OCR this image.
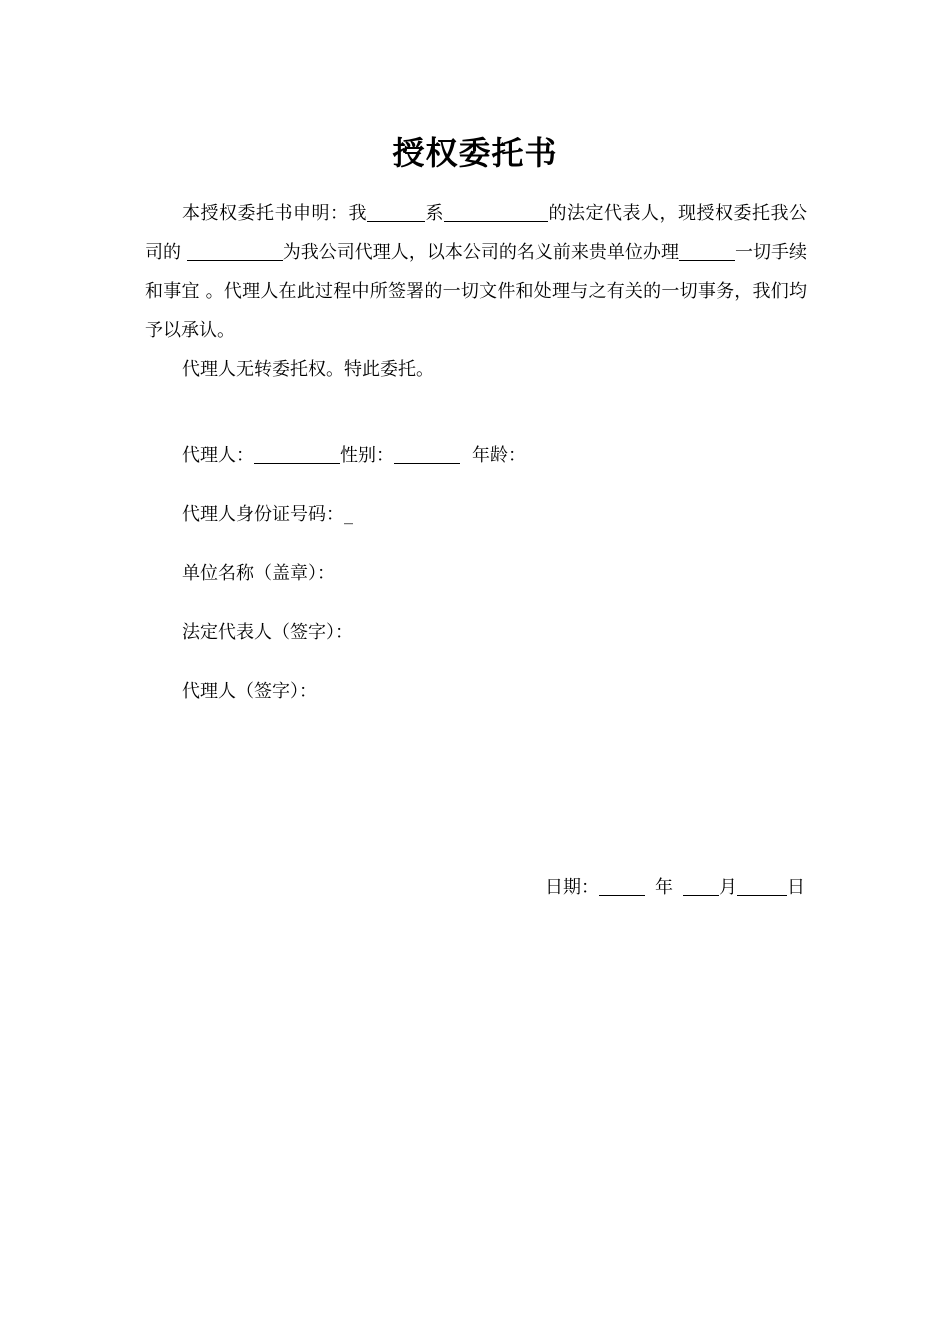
授权委托书

本授权委托书申明：我	系	的法定代表人，现授权委托我公司的	为我公司代理人，以本公司的名义前来贵单位办理	一切手续和事宜 。代理人在此过程中所签署的一切文件和处理与之有关的一切事务，我们均予以承认。

代理人无转委托权。特此委托。

代理人：	性别：	年龄：
代理人身份证号码：_
单位名称（盖章）：
法定代表人（签字）：
代理人（签字）：
日期：	年	月	日
